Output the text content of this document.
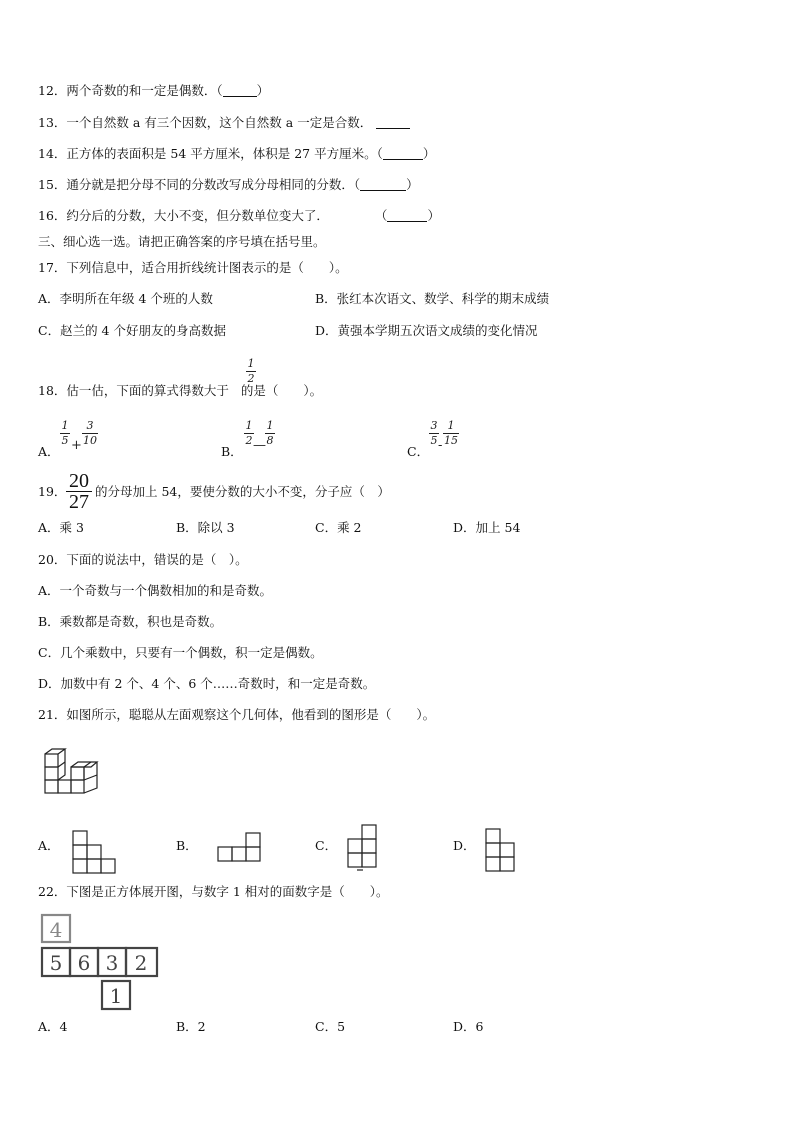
12．两个奇数的和一定是偶数．（	）
13．一个自然数 a 有三个因数，这个自然数 a 一定是合数．
14．正方体的表面积是 54 平方厘米，体积是 27 平方厘米。（	）
15．通分就是把分母不同的分数改写成分母相同的分数．（	）
16．约分后的分数，大小不变，但分数单位变大了．	（	）
三、细心选一选。请把正确答案的序号填在括号里。
17．下列信息中，适合用折线统计图表示的是（　　）。
A．李明所在年级 4 个班的人数	B．张红本次语文、数学、科学的期末成绩
C．赵兰的 4 个好朋友的身高数据	D．黄强本学期五次语文成绩的变化情况
18．估一估，下面的算式得数大于 的是（　　）。
1
2
A．
1
5 +
3
10
B．
1
2 —
1
8
C．
3
5 -
1
15
19． 20
27 的分母加上 54，要使分数的大小不变，分子应（　）
A．乘 3	B．除以 3	C．乘 2	D．加上 54
20．下面的说法中，错误的是（　）。
A．一个奇数与一个偶数相加的和是奇数。
B．乘数都是奇数，积也是奇数。
C．几个乘数中，只要有一个偶数，积一定是偶数。
D．加数中有 2 个、4 个、6 个……奇数时，和一定是奇数。
21．如图所示，聪聪从左面观察这个几何体，他看到的图形是（　　）。
A．	B．	C．	D．
22．下图是正方体展开图，与数字 1 相对的面数字是（　　）。
4
5 6 3 2
1
A．4	B．2	C．5	D．6
